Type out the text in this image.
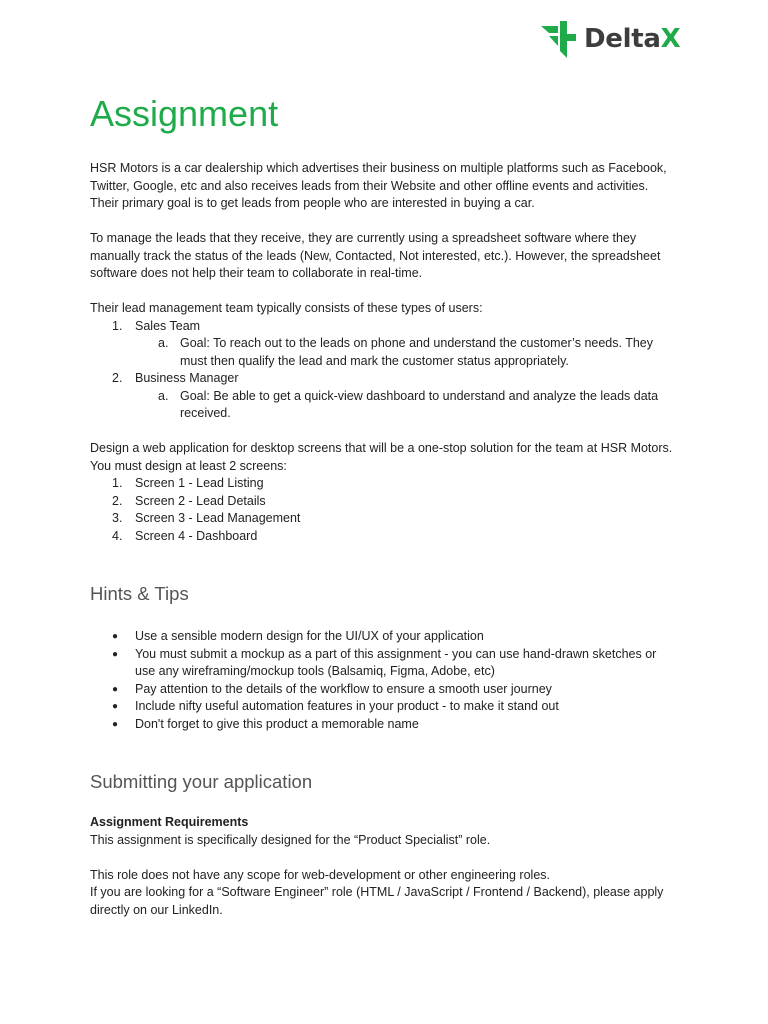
DeltaX
Assignment

HSR Motors is a car dealership which advertises their business on multiple platforms such as Facebook,
Twitter, Google, etc and also receives leads from their Website and other offline events and activities.
Their primary goal is to get leads from people who are interested in buying a car.

To manage the leads that they receive, they are currently using a spreadsheet software where they
manually track the status of the leads (New, Contacted, Not interested, etc.). However, the spreadsheet
software does not help their team to collaborate in real-time.

Their lead management team typically consists of these types of users:
1. Sales Team
a. Goal: To reach out to the leads on phone and understand the customer’s needs. They
must then qualify the lead and mark the customer status appropriately.
2. Business Manager
a. Goal: Be able to get a quick-view dashboard to understand and analyze the leads data
received.
Design a web application for desktop screens that will be a one-stop solution for the team at HSR Motors.
You must design at least 2 screens:
1. Screen 1 - Lead Listing
2. Screen 2 - Lead Details
3. Screen 3 - Lead Management
4. Screen 4 - Dashboard
Hints & Tips
● Use a sensible modern design for the UI/UX of your application
● You must submit a mockup as a part of this assignment - you can use hand-drawn sketches or
use any wireframing/mockup tools (Balsamiq, Figma, Adobe, etc)
● Pay attention to the details of the workflow to ensure a smooth user journey
● Include nifty useful automation features in your product - to make it stand out
● Don't forget to give this product a memorable name
Submitting your application

Assignment Requirements
This assignment is specifically designed for the “Product Specialist” role.

This role does not have any scope for web-development or other engineering roles.
If you are looking for a “Software Engineer” role (HTML / JavaScript / Frontend / Backend), please apply
directly on our LinkedIn.
